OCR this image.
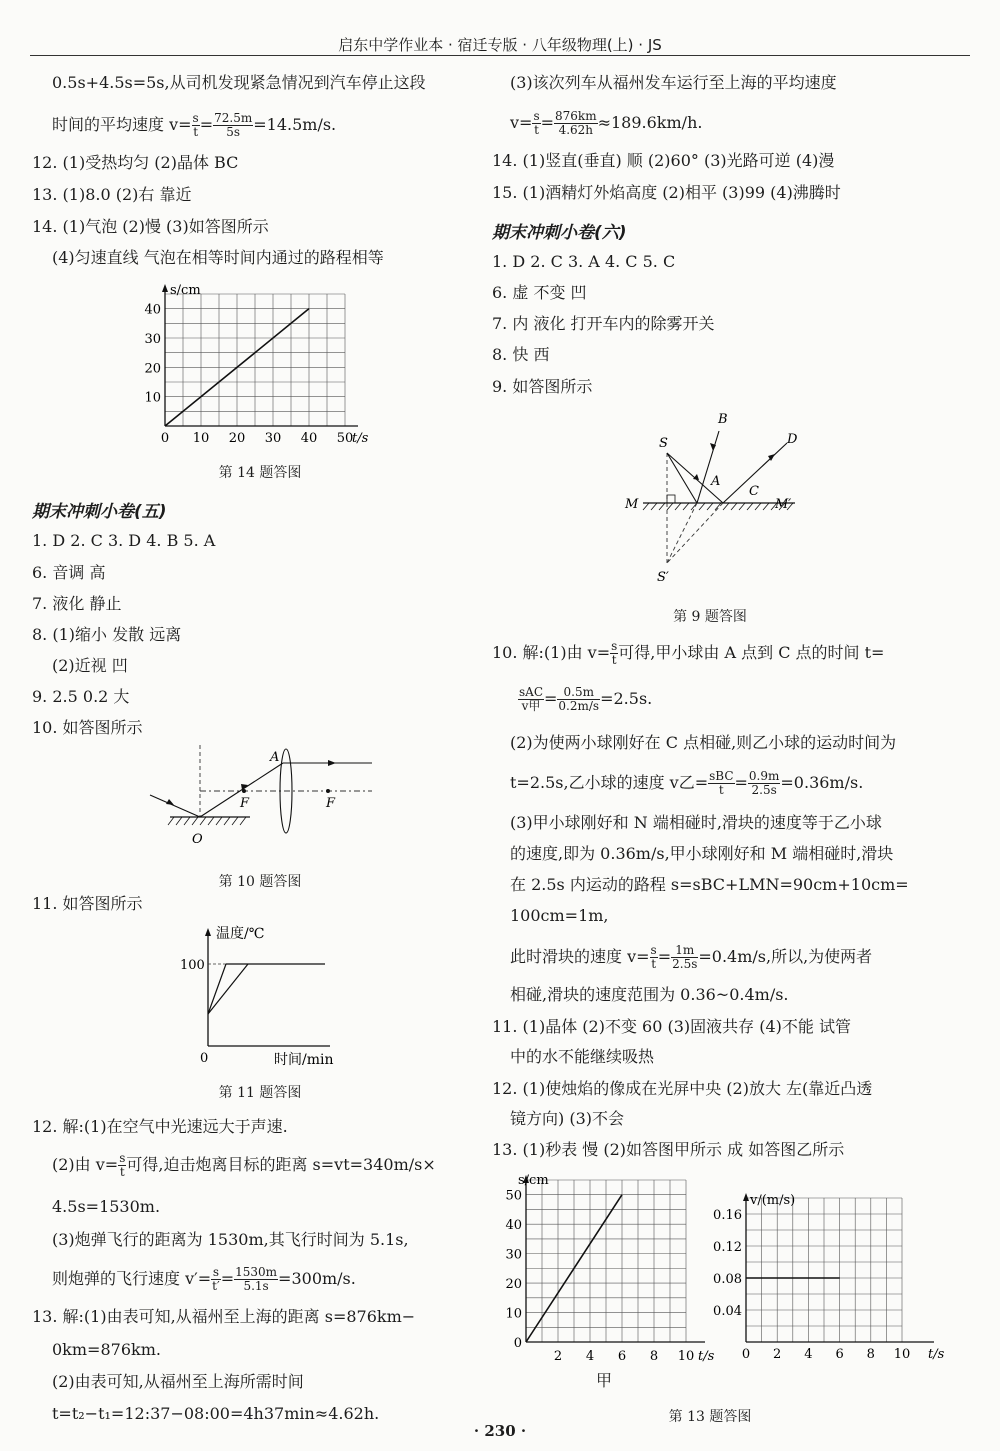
启东中学作业本 · 宿迁专版 · 八年级物理(上) · JS
0.5s+4.5s=5s,从司机发现紧急情况到汽车停止这段
时间的平均速度 $v= \frac{s}{t} = \frac{72.5m}{5s} =14.5m/s$.
12. (1)受热均匀 (2)晶体 BC
13. (1)8.0 (2)右 靠近
14. (1)气泡 (2)慢 (3)如答图所示
(4)匀速直线 气泡在相等时间内通过的路程相等
s/cm
t/s
10
20
30
40
0 10 20 30 40 50
第 14 题答图
期末冲刺小卷(五)
1. D 2. C 3. D 4. B 5. A
6. 音调 高
7. 液化 静止
8. (1)缩小 发散 远离
(2)近视 凹
9. 2.5 0.2 大
10. 如答图所示
A
F	F
O
第 10 题答图
11. 如答图所示
温度/℃
100
0	时间/min
第 11 题答图
12. 解:(1)在空气中光速远大于声速.
(2)由 $v= \frac{s}{t}$ 可得,迫击炮离目标的距离 s=vt=340m/s×
4.5s=1530m.
(3)炮弹飞行的距离为 1530m,其飞行时间为 5.1s,
则炮弹的飞行速度 $v'= \frac{s}{t'} = \frac{1530m}{5.1s} =300m/s$.
13. 解:(1)由表可知,从福州至上海的距离 s=876km−
0km=876km.
(2)由表可知,从福州至上海所需时间
t=t₂−t₁=12:37−08:00=4h37min≈4.62h.
(3)该次列车从福州发车运行至上海的平均速度
$v= \frac{s}{t} = \frac{876km}{4.62h} \approx 189.6km/h$.
14. (1)竖直(垂直) 顺 (2)60° (3)光路可逆 (4)漫
15. (1)酒精灯外焰高度 (2)相平 (3)99 (4)沸腾时
期末冲刺小卷(六)
1. D 2. C 3. A 4. C 5. C
6. 虚 不变 凹
7. 内 液化 打开车内的除雾开关
8. 快 西
9. 如答图所示
S
B
D
A
C
M	M′
S′
第 9 题答图
10. 解:(1)由 $v= \frac{s}{t}$ 可得,甲小球由 A 点到 C 点的时间 t=
$\frac{\text{sAC}}{\text{v甲}} = \frac{0.5m}{0.2m/s} =2.5s$.
(2)为使两小球刚好在 C 点相碰,则乙小球的运动时间为
t=2.5s,乙小球的速度 v乙= $\frac{\text{sBC}}{t} = \frac{0.9m}{2.5s} =0.36m/s$.
(3)甲小球刚好和 N 端相碰时,滑块的速度等于乙小球
的速度,即为 0.36m/s,甲小球刚好和 M 端相碰时,滑块
在 2.5s 内运动的路程 s=sBC+LMN=90cm+10cm=
100cm=1m,
此时滑块的速度 $v= \frac{s}{t} = \frac{1m}{2.5s} =0.4m/s$,所以,为使两者
相碰,滑块的速度范围为 0.36~0.4m/s.
11. (1)晶体 (2)不变 60 (3)固液共存 (4)不能 试管
中的水不能继续吸热
12. (1)使烛焰的像成在光屏中央 (2)放大 左(靠近凸透
镜方向) (3)不会
13. (1)秒表 慢 (2)如答图甲所示 成 如答图乙所示
s/cm
t/s
0
10
20
30
40
50
2 4 6 8 10
甲
v/(m/s)
t/s
0.04
0.08
0.12
0.16
0 2 4 6 8 10
第 13 题答图
· 230 ·
